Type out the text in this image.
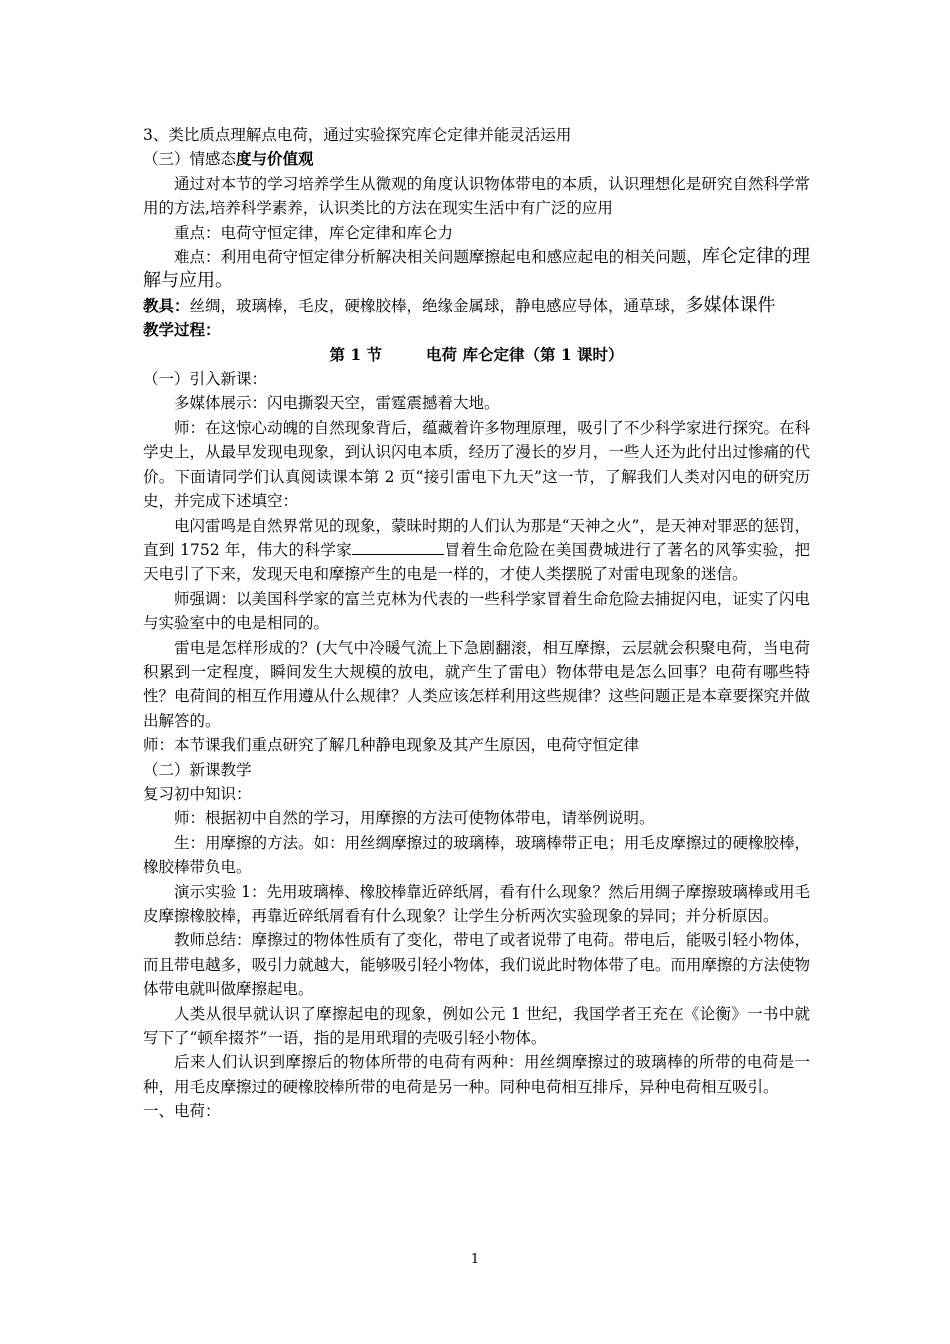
3、类比质点理解点电荷，通过实验探究库仑定律并能灵活运用

（三）情感态度与价值观

通过对本节的学习培养学生从微观的角度认识物体带电的本质，认识理想化是研究自然科学常用的方法,培养科学素养，认识类比的方法在现实生活中有广泛的应用

重点：电荷守恒定律，库仑定律和库仑力

难点：利用电荷守恒定律分析解决相关问题摩擦起电和感应起电的相关问题，库仑定律的理解与应用。

教具：丝绸，玻璃棒，毛皮，硬橡胶棒，绝缘金属球，静电感应导体，通草球，多媒体课件

教学过程：

第 1 节	电荷 库仑定律（第 1 课时）

（一）引入新课：

多媒体展示：闪电撕裂天空，雷霆震撼着大地。

师：在这惊心动魄的自然现象背后，蕴藏着许多物理原理，吸引了不少科学家进行探究。在科学史上，从最早发现电现象，到认识闪电本质，经历了漫长的岁月，一些人还为此付出过惨痛的代价。下面请同学们认真阅读课本第 2 页“接引雷电下九天”这一节，了解我们人类对闪电的研究历史，并完成下述填空：

电闪雷鸣是自然界常见的现象，蒙昧时期的人们认为那是“天神之火”，是天神对罪恶的惩罚，直到 1752 年，伟大的科学家	冒着生命危险在美国费城进行了著名的风筝实验，把天电引了下来，发现天电和摩擦产生的电是一样的，才使人类摆脱了对雷电现象的迷信。

师强调：以美国科学家的富兰克林为代表的一些科学家冒着生命危险去捕捉闪电，证实了闪电与实验室中的电是相同的。

雷电是怎样形成的？(大气中冷暖气流上下急剧翻滚，相互摩擦，云层就会积聚电荷，当电荷积累到一定程度，瞬间发生大规模的放电，就产生了雷电）物体带电是怎么回事？电荷有哪些特性？电荷间的相互作用遵从什么规律？人类应该怎样利用这些规律？这些问题正是本章要探究并做出解答的。

师：本节课我们重点研究了解几种静电现象及其产生原因，电荷守恒定律

（二）新课教学

复习初中知识：

师：根据初中自然的学习，用摩擦的方法可使物体带电，请举例说明。

生：用摩擦的方法。如：用丝绸摩擦过的玻璃棒，玻璃棒带正电；用毛皮摩擦过的硬橡胶棒，橡胶棒带负电。

演示实验 1：先用玻璃棒、橡胶棒靠近碎纸屑，看有什么现象？然后用绸子摩擦玻璃棒或用毛皮摩擦橡胶棒，再靠近碎纸屑看有什么现象？让学生分析两次实验现象的异同；并分析原因。

教师总结：摩擦过的物体性质有了变化，带电了或者说带了电荷。带电后，能吸引轻小物体，而且带电越多，吸引力就越大，能够吸引轻小物体，我们说此时物体带了电。而用摩擦的方法使物体带电就叫做摩擦起电。

人类从很早就认识了摩擦起电的现象，例如公元 1 世纪，我国学者王充在《论衡》一书中就写下了“顿牟掇芥”一语，指的是用玳瑁的壳吸引轻小物体。

后来人们认识到摩擦后的物体所带的电荷有两种：用丝绸摩擦过的玻璃棒的所带的电荷是一种，用毛皮摩擦过的硬橡胶棒所带的电荷是另一种。同种电荷相互排斥，异种电荷相互吸引。

一、电荷：

1
